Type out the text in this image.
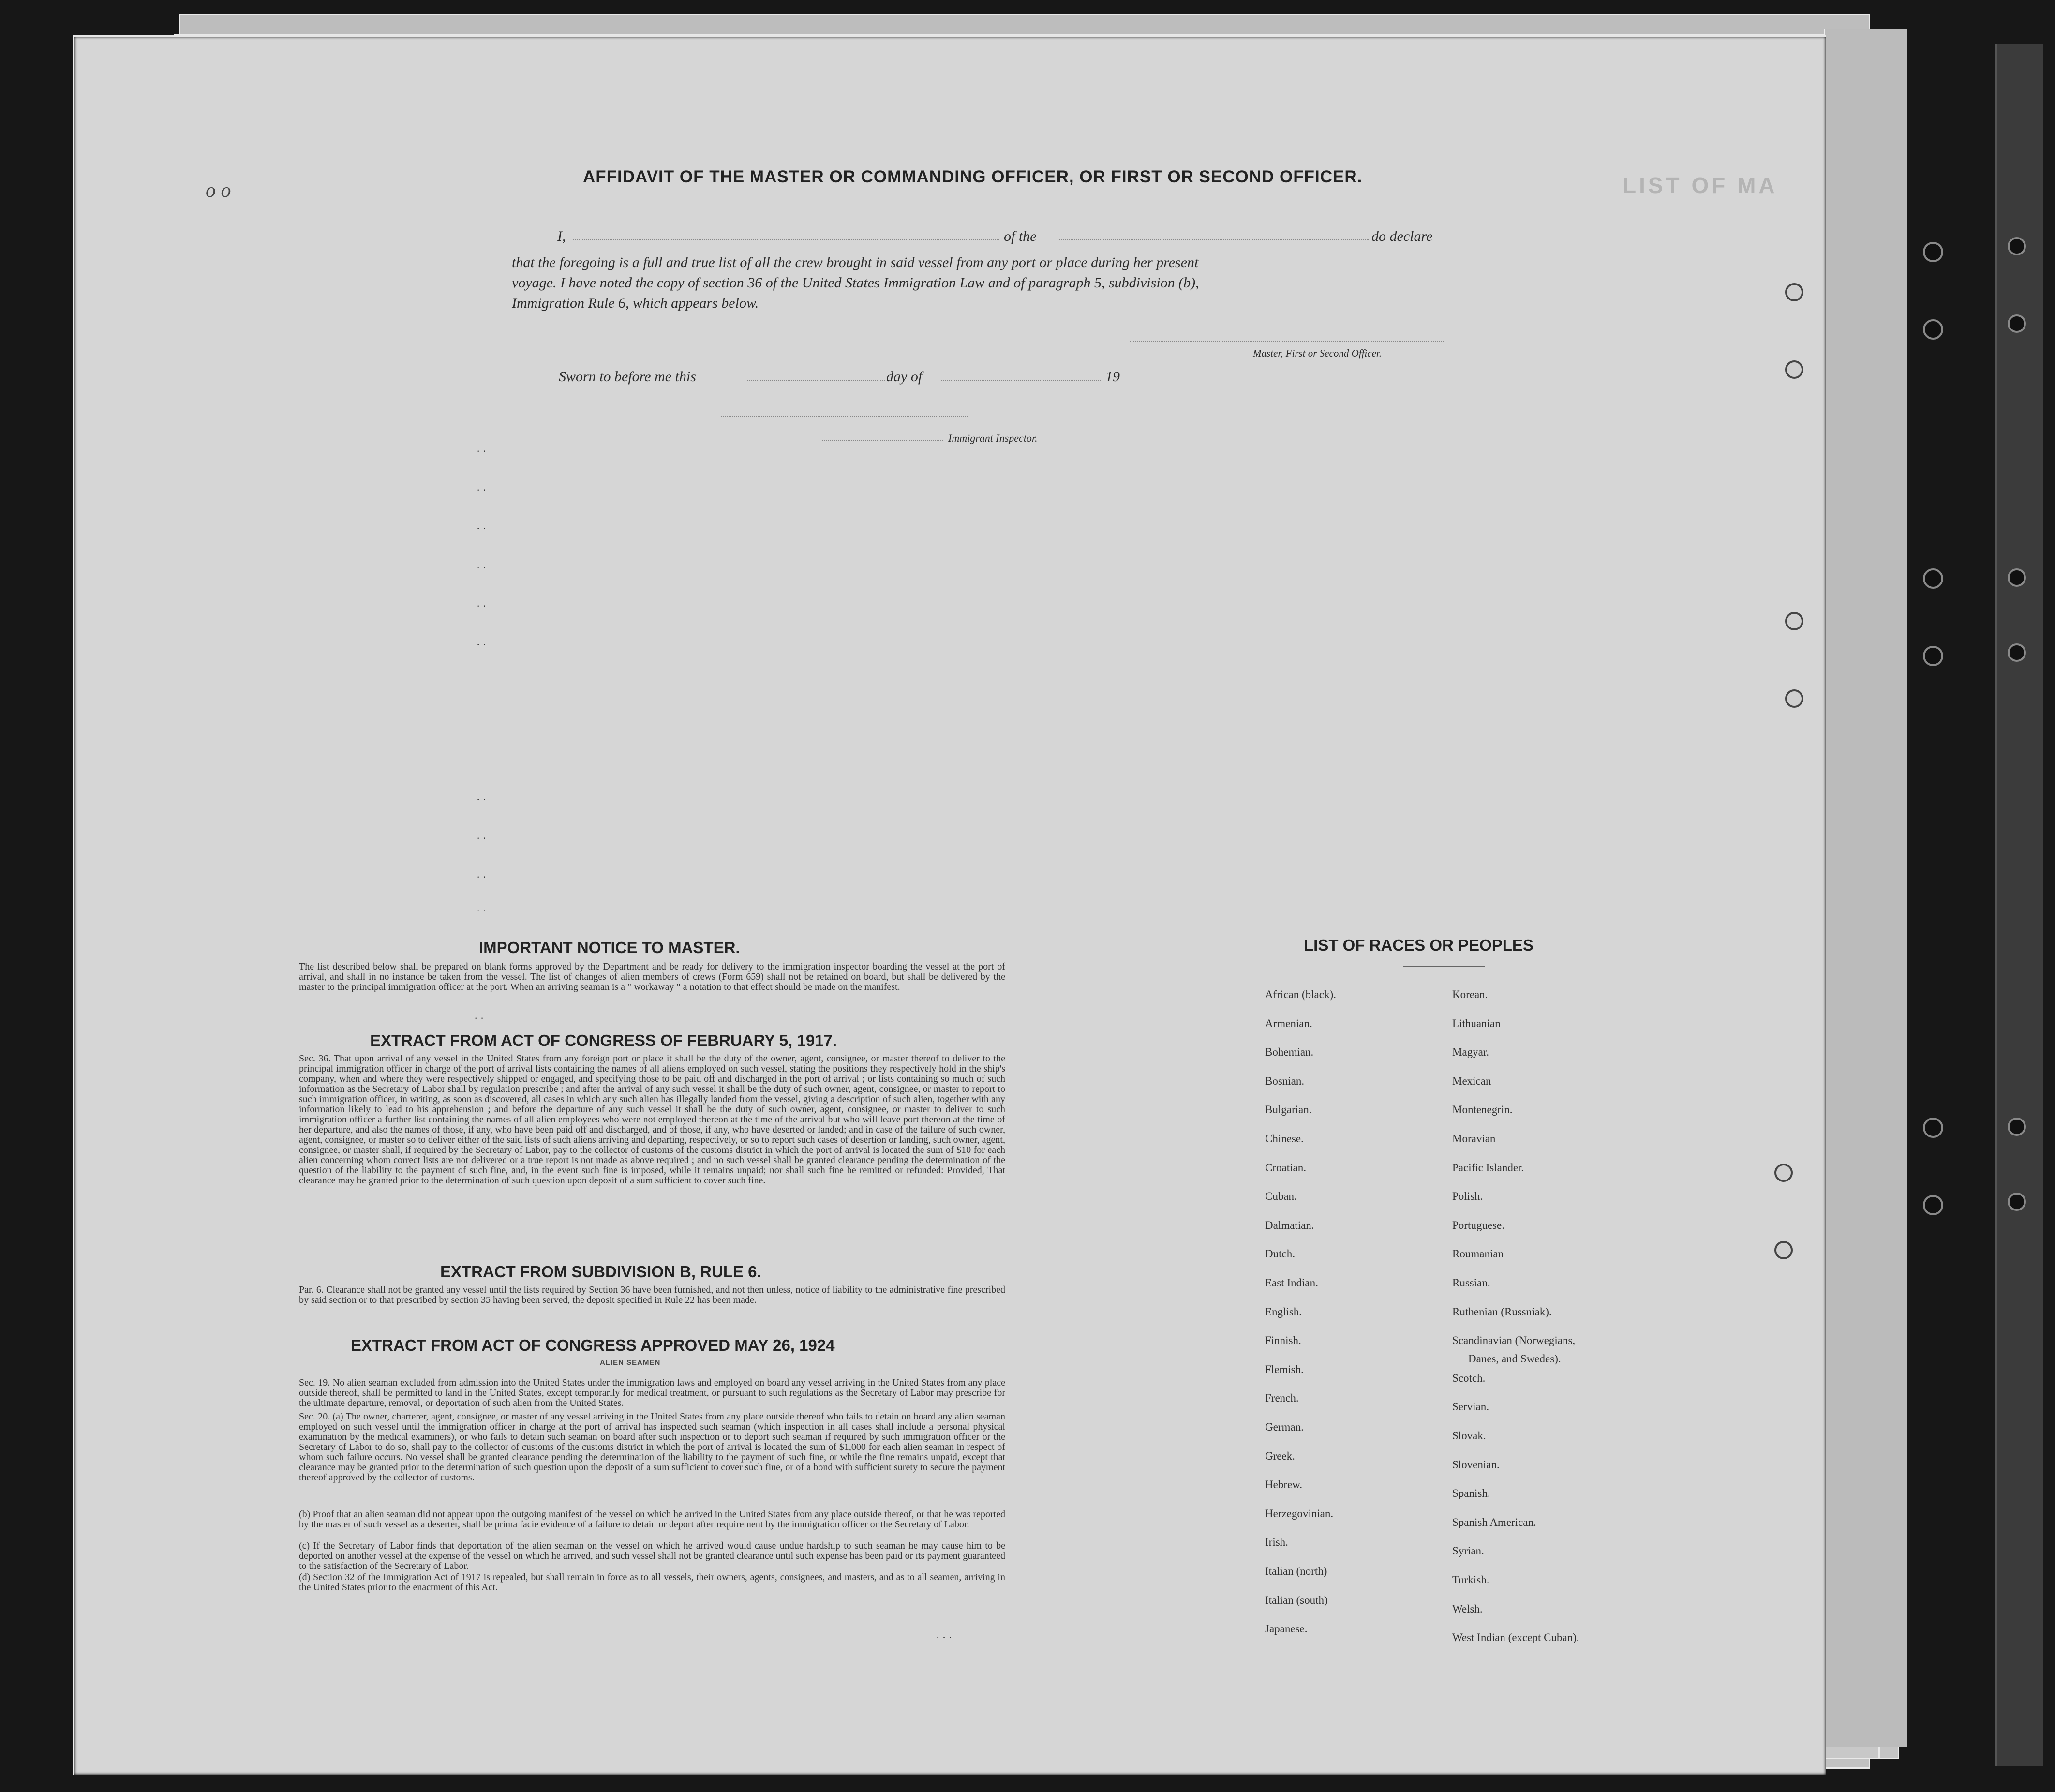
LIST OF MA
o o
AFFIDAVIT OF THE MASTER OR COMMANDING OFFICER, OR FIRST OR SECOND OFFICER.
I,	of the	do declare
that the foregoing is a full and true list of all the crew brought in said vessel from any port or place during her present
voyage. I have noted the copy of section 36 of the United States Immigration Law and of paragraph 5, subdivision (b),
Immigration Rule 6, which appears below.
Master, First or Second Officer.
Sworn to before me this	day of	19
Immigrant Inspector.
· ·
· ·
· ·
· ·
· ·
· ·
· ·
· ·
· ·
· ·
IMPORTANT NOTICE TO MASTER.
The list described below shall be prepared on blank forms approved by the Department and be ready for delivery to the immigration inspector boarding the vessel at the port of arrival, and shall in no instance be taken from the vessel. The list of changes of alien members of crews (Form 659) shall not be retained on board, but shall be delivered by the master to the principal immigration officer at the port. When an arriving seaman is a " workaway " a notation to that effect should be made on the manifest.
· ·
EXTRACT FROM ACT OF CONGRESS OF FEBRUARY 5, 1917.
Sec. 36. That upon arrival of any vessel in the United States from any foreign port or place it shall be the duty of the owner, agent, consignee, or master thereof to deliver to the principal immigration officer in charge of the port of arrival lists containing the names of all aliens employed on such vessel, stating the positions they respectively hold in the ship's company, when and where they were respectively shipped or engaged, and specifying those to be paid off and discharged in the port of arrival ; or lists containing so much of such information as the Secretary of Labor shall by regulation prescribe ; and after the arrival of any such vessel it shall be the duty of such owner, agent, consignee, or master to report to such immigration officer, in writing, as soon as discovered, all cases in which any such alien has illegally landed from the vessel, giving a description of such alien, together with any information likely to lead to his apprehension ; and before the departure of any such vessel it shall be the duty of such owner, agent, consignee, or master to deliver to such immigration officer a further list containing the names of all alien employees who were not employed thereon at the time of the arrival but who will leave port thereon at the time of her departure, and also the names of those, if any, who have been paid off and discharged, and of those, if any, who have deserted or landed; and in case of the failure of such owner, agent, consignee, or master so to deliver either of the said lists of such aliens arriving and departing, respectively, or so to report such cases of desertion or landing, such owner, agent, consignee, or master shall, if required by the Secretary of Labor, pay to the collector of customs of the customs district in which the port of arrival is located the sum of $10 for each alien concerning whom correct lists are not delivered or a true report is not made as above required ; and no such vessel shall be granted clearance pending the determination of the question of the liability to the payment of such fine, and, in the event such fine is imposed, while it remains unpaid; nor shall such fine be remitted or refunded: Provided, That clearance may be granted prior to the determination of such question upon deposit of a sum sufficient to cover such fine.
EXTRACT FROM SUBDIVISION B, RULE 6.
Par. 6. Clearance shall not be granted any vessel until the lists required by Section 36 have been furnished, and not then unless, notice of liability to the administrative fine prescribed by said section or to that prescribed by section 35 having been served, the deposit specified in Rule 22 has been made.
EXTRACT FROM ACT OF CONGRESS APPROVED MAY 26, 1924
ALIEN SEAMEN
Sec. 19. No alien seaman excluded from admission into the United States under the immigration laws and employed on board any vessel arriving in the United States from any place outside thereof, shall be permitted to land in the United States, except temporarily for medical treatment, or pursuant to such regulations as the Secretary of Labor may prescribe for the ultimate departure, removal, or deportation of such alien from the United States.
Sec. 20. (a) The owner, charterer, agent, consignee, or master of any vessel arriving in the United States from any place outside thereof who fails to detain on board any alien seaman employed on such vessel until the immigration officer in charge at the port of arrival has inspected such seaman (which inspection in all cases shall include a personal physical examination by the medical examiners), or who fails to detain such seaman on board after such inspection or to deport such seaman if required by such immigration officer or the Secretary of Labor to do so, shall pay to the collector of customs of the customs district in which the port of arrival is located the sum of $1,000 for each alien seaman in respect of whom such failure occurs. No vessel shall be granted clearance pending the determination of the liability to the payment of such fine, or while the fine remains unpaid, except that clearance may be granted prior to the determination of such question upon the deposit of a sum sufficient to cover such fine, or of a bond with sufficient surety to secure the payment thereof approved by the collector of customs.
(b) Proof that an alien seaman did not appear upon the outgoing manifest of the vessel on which he arrived in the United States from any place outside thereof, or that he was reported by the master of such vessel as a deserter, shall be prima facie evidence of a failure to detain or deport after requirement by the immigration officer or the Secretary of Labor.
(c) If the Secretary of Labor finds that deportation of the alien seaman on the vessel on which he arrived would cause undue hardship to such seaman he may cause him to be deported on another vessel at the expense of the vessel on which he arrived, and such vessel shall not be granted clearance until such expense has been paid or its payment guaranteed to the satisfaction of the Secretary of Labor.
(d) Section 32 of the Immigration Act of 1917 is repealed, but shall remain in force as to all vessels, their owners, agents, consignees, and masters, and as to all seamen, arriving in the United States prior to the enactment of this Act.
· · ·
LIST OF RACES OR PEOPLES
African (black).
Armenian.
Bohemian.
Bosnian.
Bulgarian.
Chinese.
Croatian.
Cuban.
Dalmatian.
Dutch.
East Indian.
English.
Finnish.
Flemish.
French.
German.
Greek.
Hebrew.
Herzegovinian.
Irish.
Italian (north)
Italian (south)
Japanese.
Korean.
Lithuanian
Magyar.
Mexican
Montenegrin.
Moravian
Pacific Islander.
Polish.
Portuguese.
Roumanian
Russian.
Ruthenian (Russniak).
Scandinavian (Norwegians,
Scotch.
Servian.
Slovak.
Slovenian.
Spanish.
Spanish American.
Syrian.
Turkish.
Welsh.
West Indian (except Cuban).
Danes, and Swedes).
